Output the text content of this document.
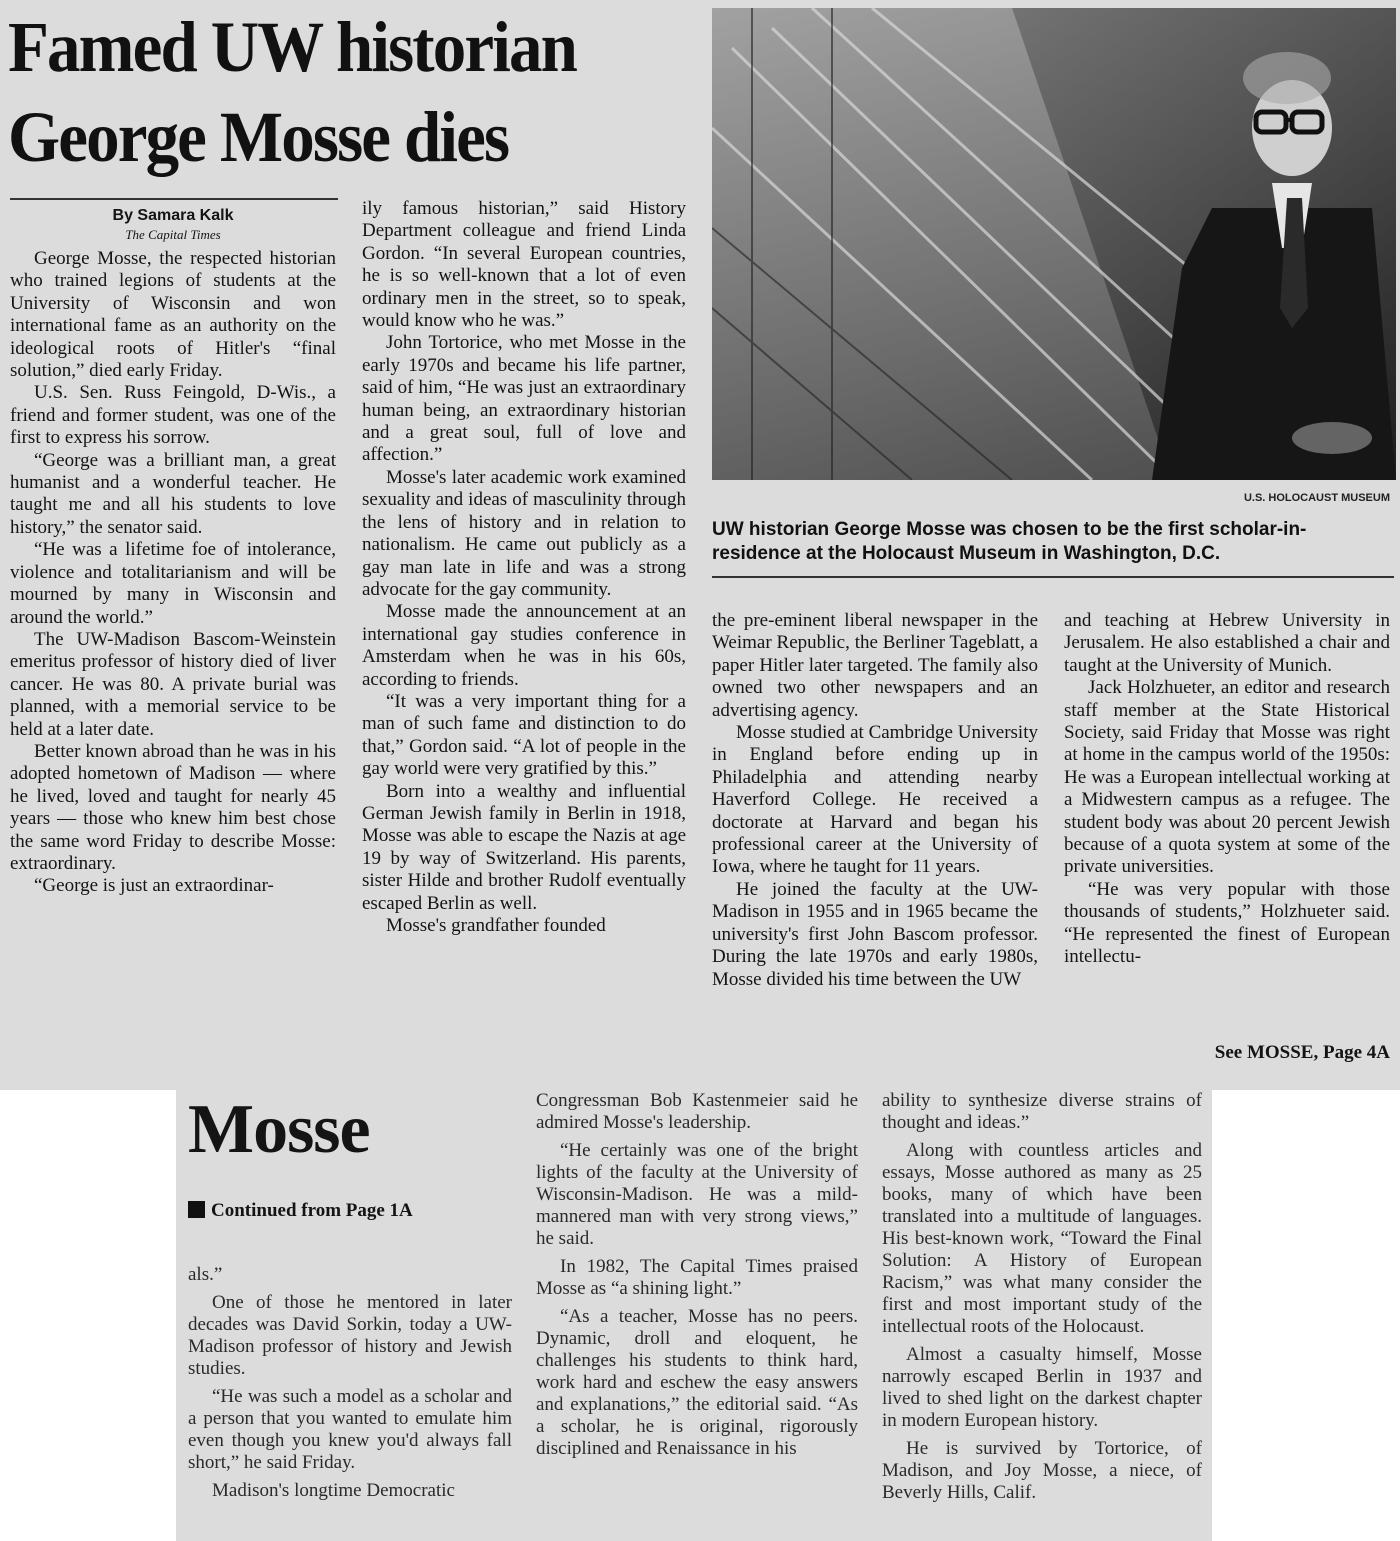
Famed UW historian
George Mosse dies
By Samara Kalk
The Capital Times

George Mosse, the respected historian who trained legions of students at the University of Wisconsin and won international fame as an authority on the ideological roots of Hitler's “final solution,” died early Friday.

U.S. Sen. Russ Feingold, D-Wis., a friend and former student, was one of the first to express his sorrow.

“George was a brilliant man, a great humanist and a wonderful teacher. He taught me and all his students to love history,” the senator said.

“He was a lifetime foe of intolerance, violence and totalitarianism and will be mourned by many in Wisconsin and around the world.”

The UW-Madison Bascom-Weinstein emeritus professor of history died of liver cancer. He was 80. A private burial was planned, with a memorial service to be held at a later date.

Better known abroad than he was in his adopted hometown of Madison — where he lived, loved and taught for nearly 45 years — those who knew him best chose the same word Friday to describe Mosse: extraordinary.

“George is just an extraordinar-

ily famous historian,” said History Department colleague and friend Linda Gordon. “In several European countries, he is so well-known that a lot of even ordinary men in the street, so to speak, would know who he was.”

John Tortorice, who met Mosse in the early 1970s and became his life partner, said of him, “He was just an extraordinary human being, an extraordinary historian and a great soul, full of love and affection.”

Mosse's later academic work examined sexuality and ideas of masculinity through the lens of history and in relation to nationalism. He came out publicly as a gay man late in life and was a strong advocate for the gay community.

Mosse made the announcement at an international gay studies conference in Amsterdam when he was in his 60s, according to friends.

“It was a very important thing for a man of such fame and distinction to do that,” Gordon said. “A lot of people in the gay world were very gratified by this.”

Born into a wealthy and influential German Jewish family in Berlin in 1918, Mosse was able to escape the Nazis at age 19 by way of Switzerland. His parents, sister Hilde and brother Rudolf eventually escaped Berlin as well.

Mosse's grandfather founded

U.S. HOLOCAUST MUSEUM
UW historian George Mosse was chosen to be the first scholar-in-residence at the Holocaust Museum in Washington, D.C.

the pre-eminent liberal newspaper in the Weimar Republic, the Berliner Tageblatt, a paper Hitler later targeted. The family also owned two other newspapers and an advertising agency.

Mosse studied at Cambridge University in England before ending up in Philadelphia and attending nearby Haverford College. He received a doctorate at Harvard and began his professional career at the University of Iowa, where he taught for 11 years.

He joined the faculty at the UW-Madison in 1955 and in 1965 became the university's first John Bascom professor. During the late 1970s and early 1980s, Mosse divided his time between the UW

and teaching at Hebrew University in Jerusalem. He also established a chair and taught at the University of Munich.

Jack Holzhueter, an editor and research staff member at the State Historical Society, said Friday that Mosse was right at home in the campus world of the 1950s: He was a European intellectual working at a Midwestern campus as a refugee. The student body was about 20 percent Jewish because of a quota system at some of the private universities.

“He was very popular with those thousands of students,” Holzhueter said. “He represented the finest of European intellectu-

See MOSSE, Page 4A
Mosse
Continued from Page 1A

als.”

One of those he mentored in later decades was David Sorkin, today a UW-Madison professor of history and Jewish studies.

“He was such a model as a scholar and a person that you wanted to emulate him even though you knew you'd always fall short,” he said Friday.

Madison's longtime Democratic

Congressman Bob Kastenmeier said he admired Mosse's leadership.

“He certainly was one of the bright lights of the faculty at the University of Wisconsin-Madison. He was a mild-mannered man with very strong views,” he said.

In 1982, The Capital Times praised Mosse as “a shining light.”

“As a teacher, Mosse has no peers. Dynamic, droll and eloquent, he challenges his students to think hard, work hard and eschew the easy answers and explanations,” the editorial said. “As a scholar, he is original, rigorously disciplined and Renaissance in his

ability to synthesize diverse strains of thought and ideas.”

Along with countless articles and essays, Mosse authored as many as 25 books, many of which have been translated into a multitude of languages. His best-known work, “Toward the Final Solution: A History of European Racism,” was what many consider the first and most important study of the intellectual roots of the Holocaust.

Almost a casualty himself, Mosse narrowly escaped Berlin in 1937 and lived to shed light on the darkest chapter in modern European history.

He is survived by Tortorice, of Madison, and Joy Mosse, a niece, of Beverly Hills, Calif.
